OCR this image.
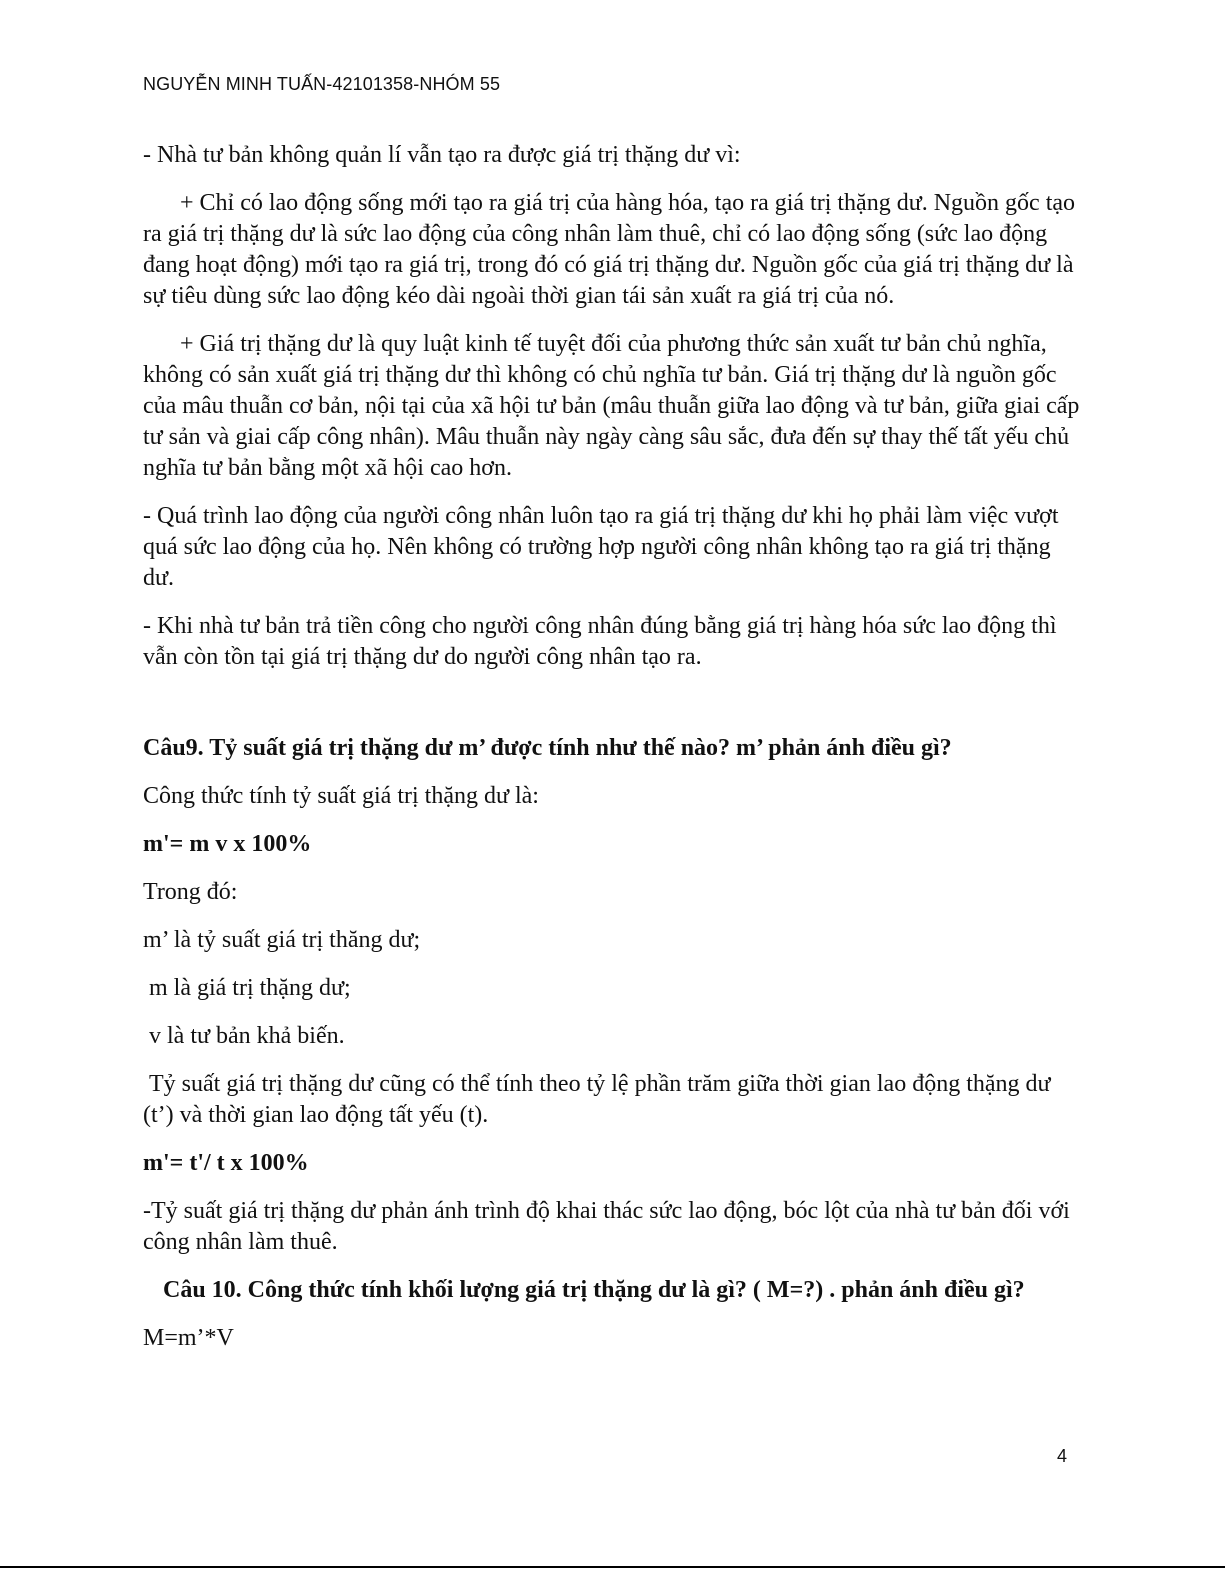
NGUYỄN MINH TUẤN-42101358-NHÓM 55

- Nhà tư bản không quản lí vẫn tạo ra được giá trị thặng dư vì:

+ Chỉ có lao động sống mới tạo ra giá trị của hàng hóa, tạo ra giá trị thặng dư. Nguồn gốc tạo ra giá trị thặng dư là sức lao động của công nhân làm thuê, chỉ có lao động sống (sức lao động đang hoạt động) mới tạo ra giá trị, trong đó có giá trị thặng dư. Nguồn gốc của giá trị thặng dư là sự tiêu dùng sức lao động kéo dài ngoài thời gian tái sản xuất ra giá trị của nó.

+ Giá trị thặng dư là quy luật kinh tế tuyệt đối của phương thức sản xuất tư bản chủ nghĩa, không có sản xuất giá trị thặng dư thì không có chủ nghĩa tư bản. Giá trị thặng dư là nguồn gốc của mâu thuẫn cơ bản, nội tại của xã hội tư bản (mâu thuẫn giữa lao động và tư bản, giữa giai cấp tư sản và giai cấp công nhân). Mâu thuẫn này ngày càng sâu sắc, đưa đến sự thay thế tất yếu chủ nghĩa tư bản bằng một xã hội cao hơn.

- Quá trình lao động của người công nhân luôn tạo ra giá trị thặng dư khi họ phải làm việc vượt quá sức lao động của họ. Nên không có trường hợp người công nhân không tạo ra giá trị thặng dư.

- Khi nhà tư bản trả tiền công cho người công nhân đúng bằng giá trị hàng hóa sức lao động thì vẫn còn tồn tại giá trị thặng dư do người công nhân tạo ra.

Câu9. Tỷ suất giá trị thặng dư m’ được tính như thế nào? m’ phản ánh điều gì?

Công thức tính tỷ suất giá trị thặng dư là:

m'= m v x 100%

Trong đó:

m’ là tỷ suất giá trị thăng dư;

m là giá trị thặng dư;

v là tư bản khả biến.

Tỷ suất giá trị thặng dư cũng có thể tính theo tỷ lệ phần trăm giữa thời gian lao động thặng dư (t’) và thời gian lao động tất yếu (t).

m'= t'/ t x 100%

-Tỷ suất giá trị thặng dư phản ánh trình độ khai thác sức lao động, bóc lột của nhà tư bản đối với công nhân làm thuê.

Câu 10. Công thức tính khối lượng giá trị thặng dư là gì? ( M=?) . phản ánh điều gì?

M=m’*V

4
